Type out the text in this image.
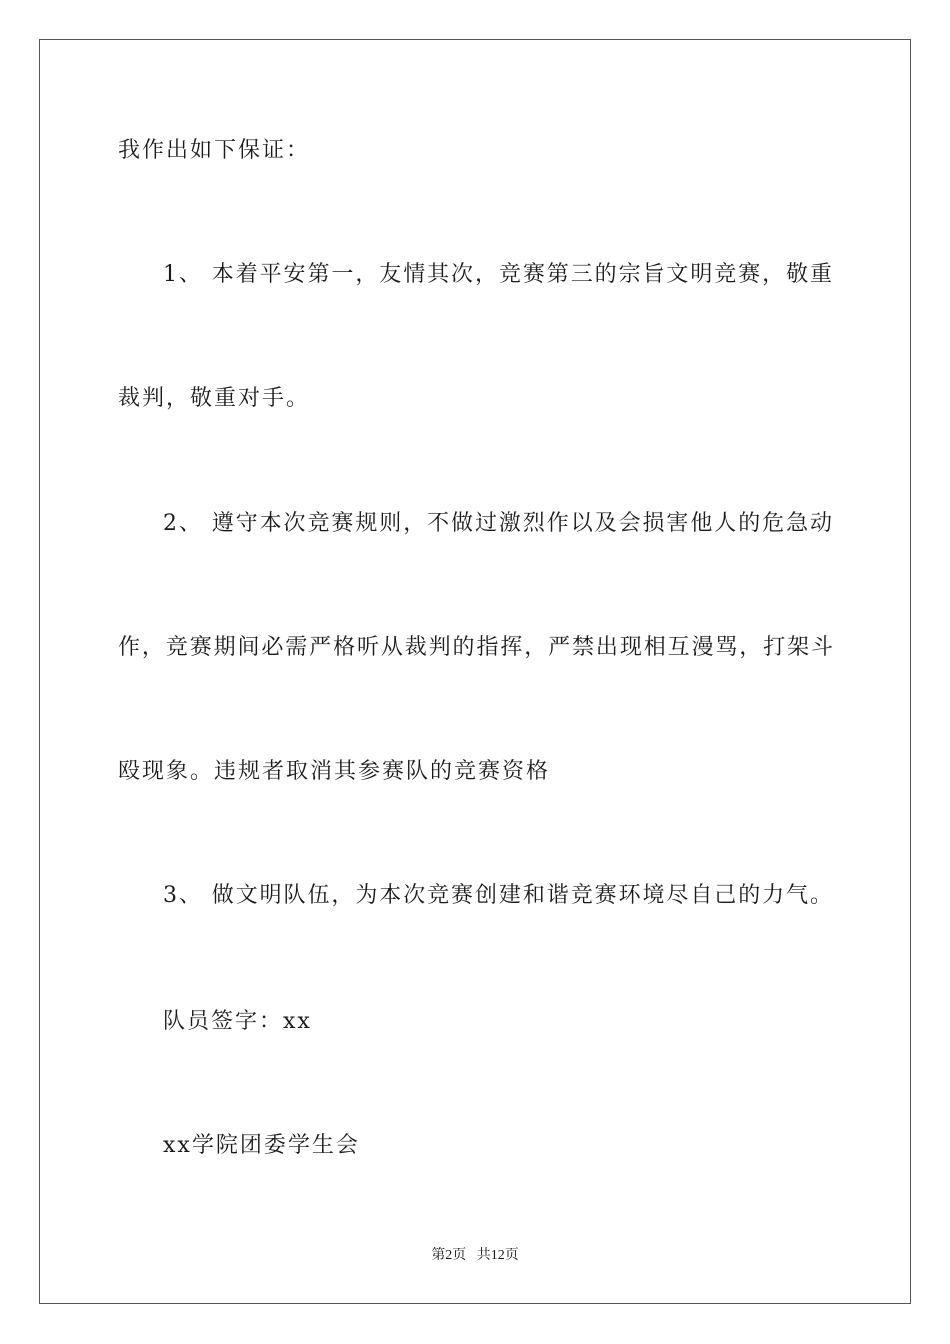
我作出如下保证：
1、 本着平安第一，友情其次，竞赛第三的宗旨文明竞赛，敬重
裁判，敬重对手。
2、 遵守本次竞赛规则，不做过激烈作以及会损害他人的危急动
作，竞赛期间必需严格听从裁判的指挥，严禁出现相互漫骂，打架斗
殴现象。违规者取消其参赛队的竞赛资格
3、 做文明队伍，为本次竞赛创建和谐竞赛环境尽自己的力气。
队员签字：xx
xx学院团委学生会
第2页   共12页
